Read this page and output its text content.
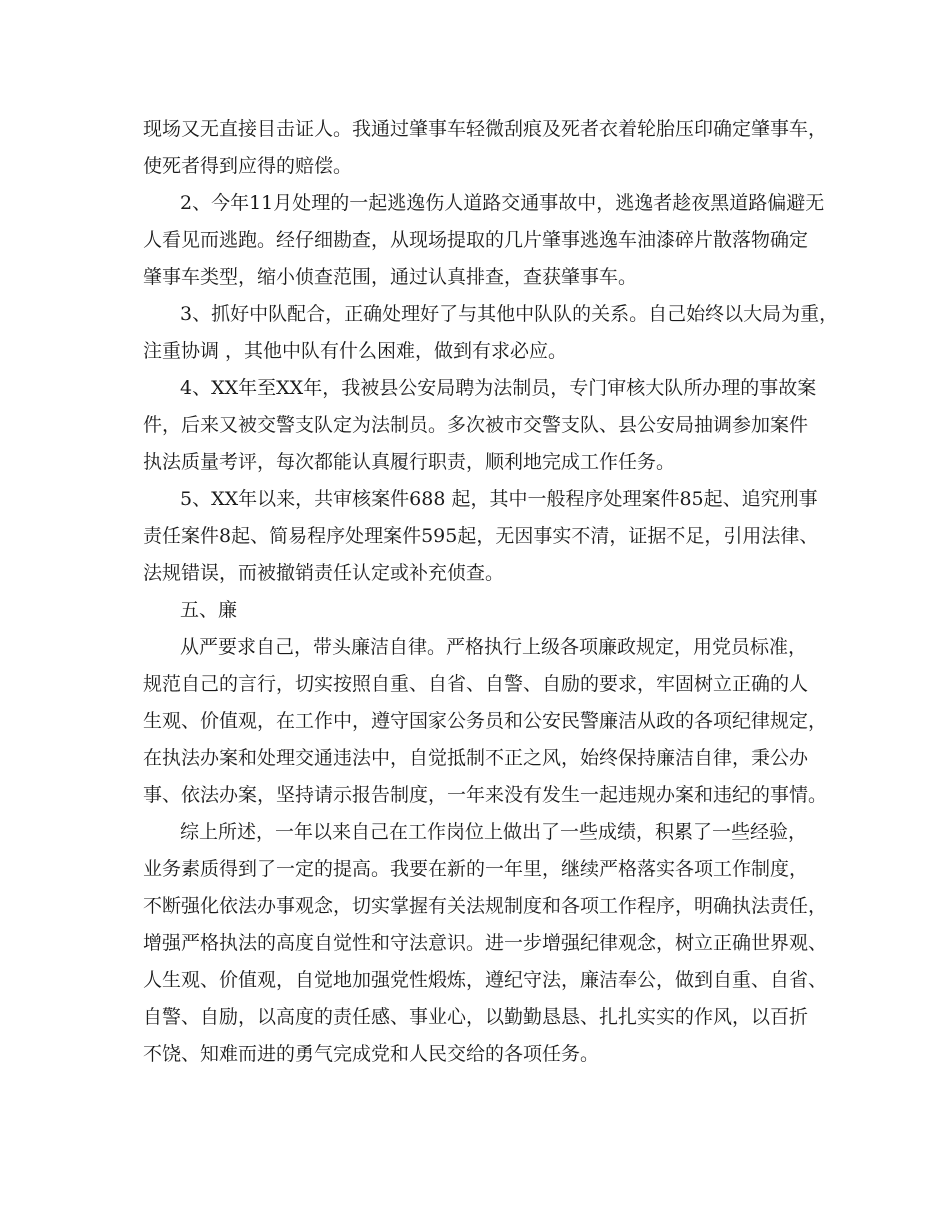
现场又无直接目击证人。我通过肇事车轻微刮痕及死者衣着轮胎压印确定肇事车，
使死者得到应得的赔偿。
2、今年11月处理的一起逃逸伤人道路交通事故中，逃逸者趁夜黑道路偏避无
人看见而逃跑。经仔细勘查，从现场提取的几片肇事逃逸车油漆碎片散落物确定
肇事车类型，缩小侦查范围，通过认真排查，查获肇事车。
3、抓好中队配合，正确处理好了与其他中队队的关系。自己始终以大局为重，
注重协调 ，其他中队有什么困难，做到有求必应。
4、XX年至XX年，我被县公安局聘为法制员，专门审核大队所办理的事故案
件，后来又被交警支队定为法制员。多次被市交警支队、县公安局抽调参加案件
执法质量考评，每次都能认真履行职责，顺利地完成工作任务。
5、XX年以来，共审核案件688 起，其中一般程序处理案件85起、追究刑事
责任案件8起、简易程序处理案件595起，无因事实不清，证据不足，引用法律、
法规错误，而被撤销责任认定或补充侦查。
五、廉
从严要求自己，带头廉洁自律。严格执行上级各项廉政规定，用党员标准，
规范自己的言行，切实按照自重、自省、自警、自励的要求，牢固树立正确的人
生观、价值观，在工作中，遵守国家公务员和公安民警廉洁从政的各项纪律规定，
在执法办案和处理交通违法中，自觉抵制不正之风，始终保持廉洁自律，秉公办
事、依法办案，坚持请示报告制度，一年来没有发生一起违规办案和违纪的事情。
综上所述，一年以来自己在工作岗位上做出了一些成绩，积累了一些经验，
业务素质得到了一定的提高。我要在新的一年里，继续严格落实各项工作制度，
不断强化依法办事观念，切实掌握有关法规制度和各项工作程序，明确执法责任，
增强严格执法的高度自觉性和守法意识。进一步增强纪律观念，树立正确世界观、
人生观、价值观，自觉地加强党性煅炼，遵纪守法，廉洁奉公，做到自重、自省、
自警、自励，以高度的责任感、事业心，以勤勤恳恳、扎扎实实的作风，以百折
不饶、知难而进的勇气完成党和人民交给的各项任务。
